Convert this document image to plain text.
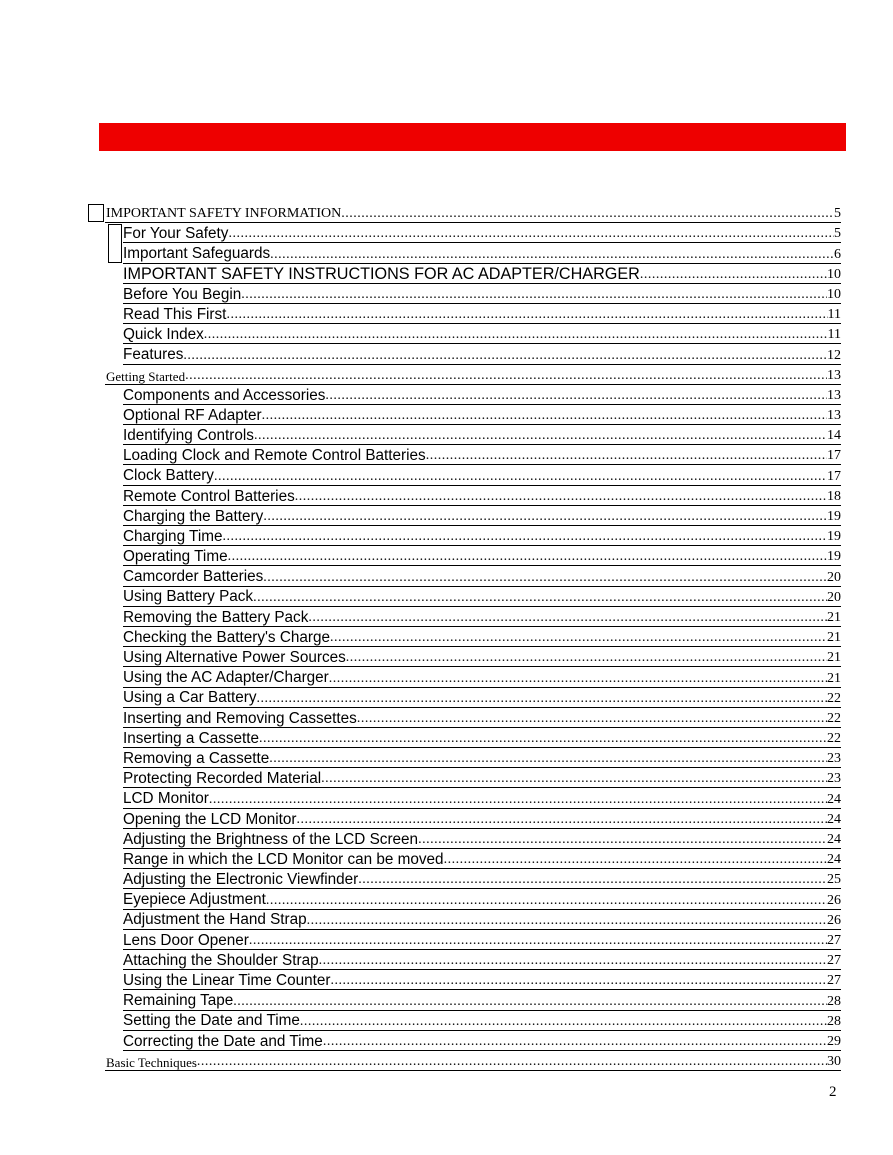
IMPORTANT SAFETY INFORMATION .....	5
For Your Safety .....	5
Important Safeguards .....	6
IMPORTANT SAFETY INSTRUCTIONS FOR AC ADAPTER/CHARGER .....	10
Before You Begin .....	10
Read This First .....	11
Quick Index .....	11
Features .....	12
Getting Started .....	13
Components and Accessories .....	13
Optional RF Adapter .....	13
Identifying Controls .....	14
Loading Clock and Remote Control Batteries .....	17
Clock Battery .....	17
Remote Control Batteries .....	18
Charging the Battery .....	19
Charging Time .....	19
Operating Time .....	19
Camcorder Batteries .....	20
Using Battery Pack .....	20
Removing the Battery Pack .....	21
Checking the Battery's Charge .....	21
Using Alternative Power Sources .....	21
Using the AC Adapter/Charger .....	21
Using a Car Battery .....	22
Inserting and Removing Cassettes .....	22
Inserting a Cassette .....	22
Removing a Cassette .....	23
Protecting Recorded Material .....	23
LCD Monitor .....	24
Opening the LCD Monitor .....	24
Adjusting the Brightness of the LCD Screen .....	24
Range in which the LCD Monitor can be moved .....	24
Adjusting the Electronic Viewfinder .....	25
Eyepiece Adjustment .....	26
Adjustment the Hand Strap .....	26
Lens Door Opener .....	27
Attaching the Shoulder Strap .....	27
Using the Linear Time Counter .....	27
Remaining Tape .....	28
Setting the Date and Time .....	28
Correcting the Date and Time .....	29
Basic Techniques .....	30
2
